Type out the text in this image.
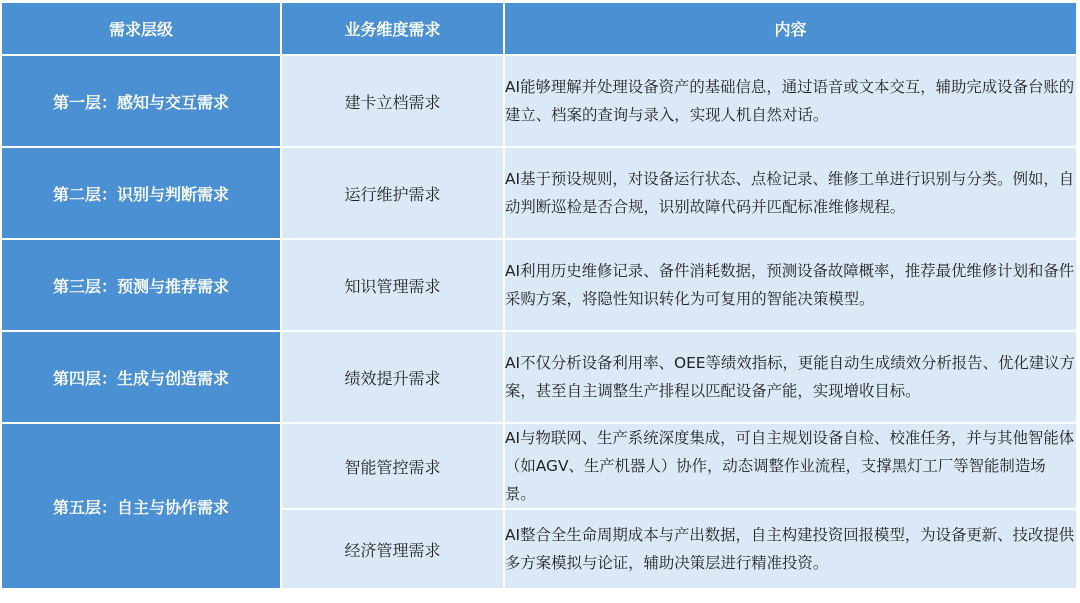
需求层级	业务维度需求	内容
第一层：感知与交互需求	建卡立档需求	AI能够理解并处理设备资产的基础信息，通过语音或文本交互，辅助完成设备台账的建立、档案的查询与录入，实现人机自然对话。
第二层：识别与判断需求	运行维护需求	AI基于预设规则，对设备运行状态、点检记录、维修工单进行识别与分类。例如，自动判断巡检是否合规，识别故障代码并匹配标准维修规程。
第三层：预测与推荐需求	知识管理需求	AI利用历史维修记录、备件消耗数据，预测设备故障概率，推荐最优维修计划和备件采购方案，将隐性知识转化为可复用的智能决策模型。
第四层：生成与创造需求	绩效提升需求	AI不仅分析设备利用率、OEE等绩效指标，更能自动生成绩效分析报告、优化建议方案，甚至自主调整生产排程以匹配设备产能，实现增收目标。
第五层：自主与协作需求	智能管控需求	AI与物联网、生产系统深度集成，可自主规划设备自检、校准任务，并与其他智能体（如AGV、生产机器人）协作，动态调整作业流程，支撑黑灯工厂等智能制造场景。
	经济管理需求	AI整合全生命周期成本与产出数据，自主构建投资回报模型，为设备更新、技改提供多方案模拟与论证，辅助决策层进行精准投资。
